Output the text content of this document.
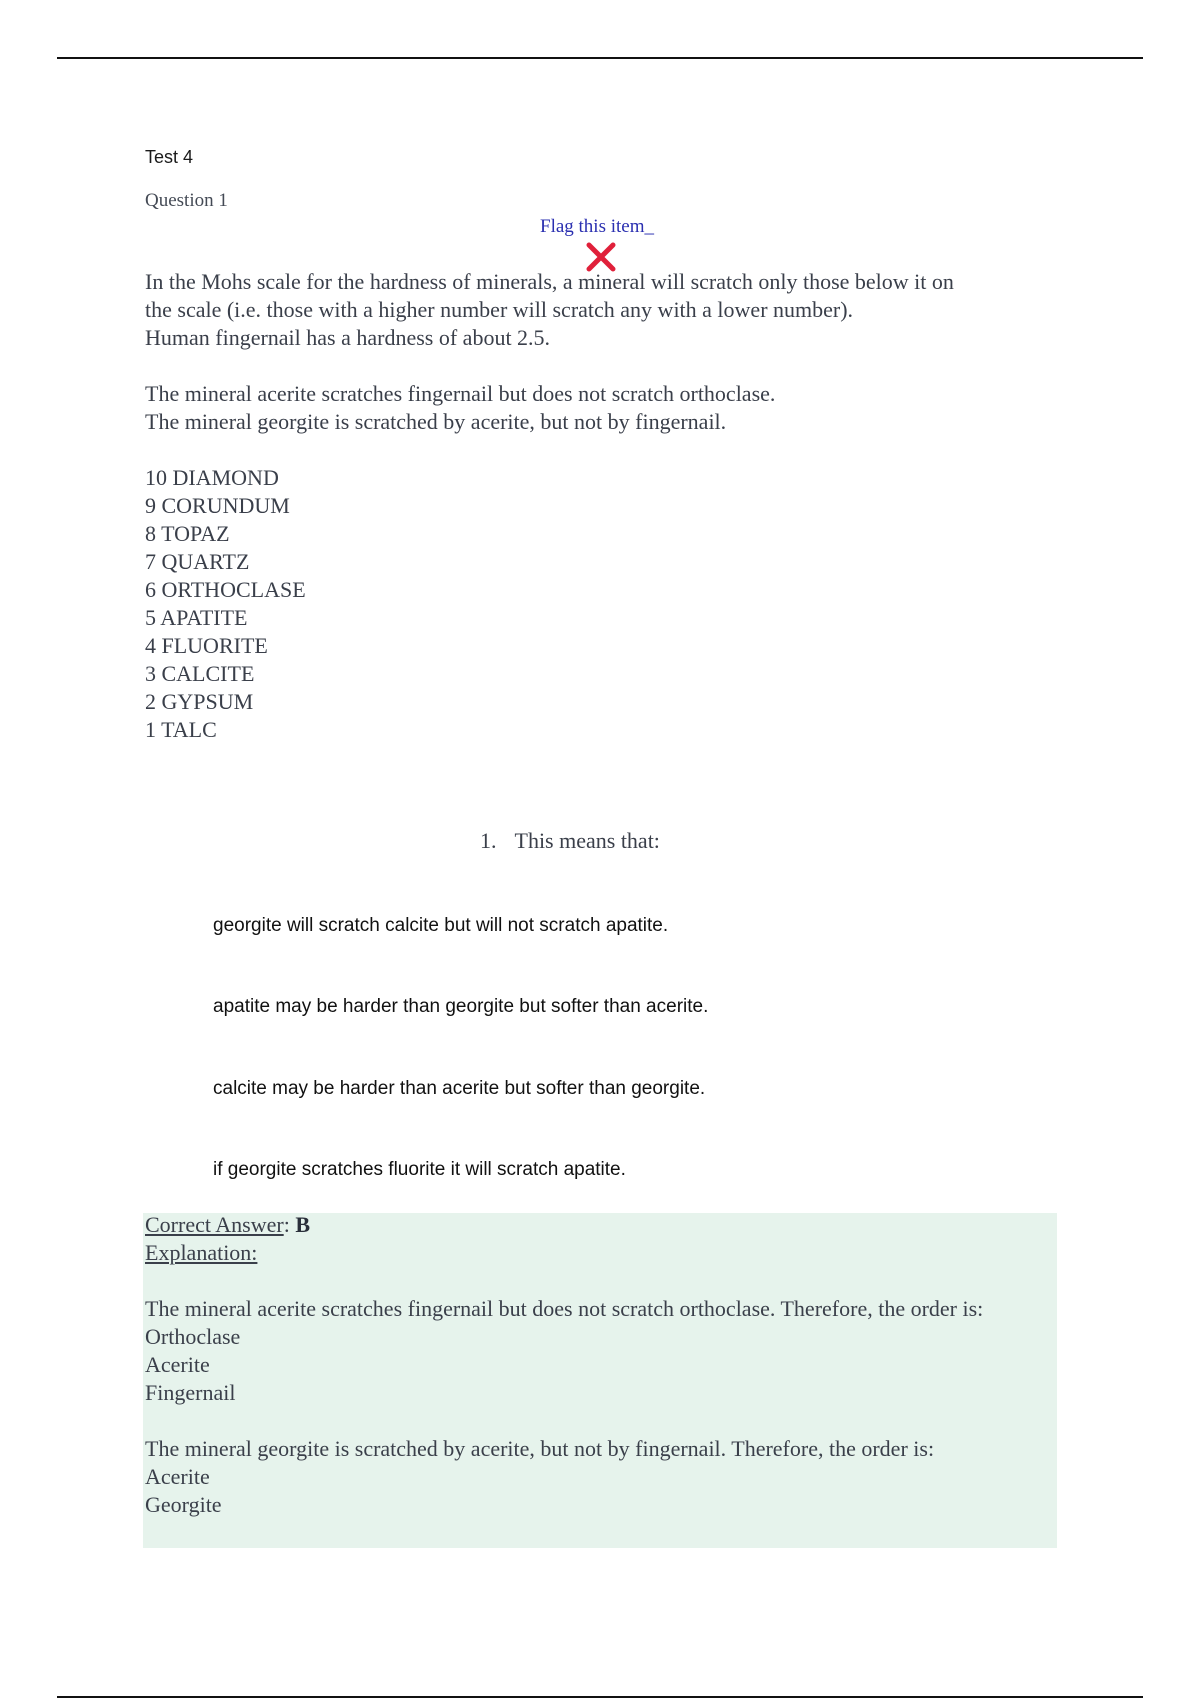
Test 4
Question 1
Flag this item_

In the Mohs scale for the hardness of minerals, a mineral will scratch only those below it on

the scale (i.e. those with a higher number will scratch any with a lower number).

Human fingernail has a hardness of about 2.5.

The mineral acerite scratches fingernail but does not scratch orthoclase.

The mineral georgite is scratched by acerite, but not by fingernail.

10 DIAMOND

9 CORUNDUM

8 TOPAZ

7 QUARTZ

6 ORTHOCLASE

5 APATITE

4 FLUORITE

3 CALCITE

2 GYPSUM

1 TALC

1. This means that:
georgite will scratch calcite but will not scratch apatite.
apatite may be harder than georgite but softer than acerite.
calcite may be harder than acerite but softer than georgite.
if georgite scratches fluorite it will scratch apatite.

Correct Answer: B

Explanation:

The mineral acerite scratches fingernail but does not scratch orthoclase. Therefore, the order is:

Orthoclase

Acerite

Fingernail

The mineral georgite is scratched by acerite, but not by fingernail. Therefore, the order is:

Acerite

Georgite
